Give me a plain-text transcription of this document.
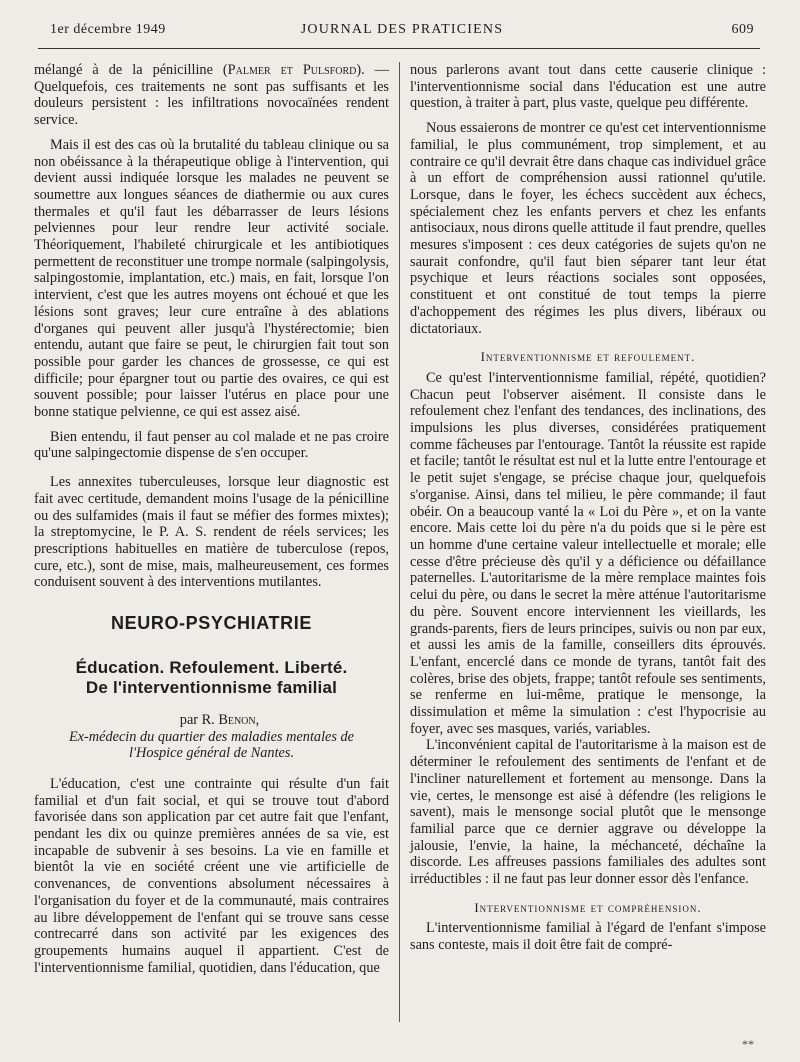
1er décembre 1949	JOURNAL DES PRATICIENS	609

mélangé à de la pénicilline (Palmer et Pulsford). — Quelquefois, ces traitements ne sont pas suffisants et les douleurs persistent : les infiltrations novocaïnées rendent service.

Mais il est des cas où la brutalité du tableau clinique ou sa non obéissance à la thérapeutique oblige à l'intervention, qui devient aussi indiquée lorsque les malades ne peuvent se soumettre aux longues séances de diathermie ou aux cures thermales et qu'il faut les débarrasser de leurs lésions pelviennes pour leur rendre leur activité sociale. Théoriquement, l'habileté chirurgicale et les antibiotiques permettent de reconstituer une trompe normale (salpingolysis, salpingostomie, implantation, etc.) mais, en fait, lorsque l'on intervient, c'est que les autres moyens ont échoué et que les lésions sont graves; leur cure entraîne à des ablations d'organes qui peuvent aller jusqu'à l'hystérectomie; bien entendu, autant que faire se peut, le chirurgien fait tout son possible pour garder les chances de grossesse, ce qui est difficile; pour épargner tout ou partie des ovaires, ce qui est souvent possible; pour laisser l'utérus en place pour une bonne statique pelvienne, ce qui est assez aisé.

Bien entendu, il faut penser au col malade et ne pas croire qu'une salpingectomie dispense de s'en occuper.

Les annexites tuberculeuses, lorsque leur diagnostic est fait avec certitude, demandent moins l'usage de la pénicilline ou des sulfamides (mais il faut se méfier des formes mixtes); la streptomycine, le P. A. S. rendent de réels services; les prescriptions habituelles en matière de tuberculose (repos, cure, etc.), sont de mise, mais, malheureusement, ces formes conduisent souvent à des interventions mutilantes.

NEURO-PSYCHIATRIE
Éducation. Refoulement. Liberté.
De l'interventionnisme familial

par R. Benon,

Ex-médecin du quartier des maladies mentales de
l'Hospice général de Nantes.

L'éducation, c'est une contrainte qui résulte d'un fait familial et d'un fait social, et qui se trouve tout d'abord favorisée dans son application par cet autre fait que l'enfant, pendant les dix ou quinze premières années de sa vie, est incapable de subvenir à ses besoins. La vie en famille et bientôt la vie en société créent une vie artificielle de convenances, de conventions absolument nécessaires à l'organisation du foyer et de la communauté, mais contraires au libre développement de l'enfant qui se trouve sans cesse contrecarré dans son activité par les exigences des groupements humains auquel il appartient. C'est de l'interventionnisme familial, quotidien, dans l'éducation, que

nous parlerons avant tout dans cette causerie clinique : l'interventionnisme social dans l'éducation est une autre question, à traiter à part, plus vaste, quelque peu différente.

Nous essaierons de montrer ce qu'est cet interventionnisme familial, le plus communément, trop simplement, et au contraire ce qu'il devrait être dans chaque cas individuel grâce à un effort de compréhension aussi rationnel qu'utile. Lorsque, dans le foyer, les échecs succèdent aux échecs, spécialement chez les enfants pervers et chez les enfants antisociaux, nous dirons quelle attitude il faut prendre, quelles mesures s'imposent : ces deux catégories de sujets qu'on ne saurait confondre, qu'il faut bien séparer tant leur état psychique et leurs réactions sociales sont opposées, constituent et ont constitué de tout temps la pierre d'achoppement des régimes les plus divers, libéraux ou dictatoriaux.

Interventionnisme et refoulement.

Ce qu'est l'interventionnisme familial, répété, quotidien? Chacun peut l'observer aisément. Il consiste dans le refoulement chez l'enfant des tendances, des inclinations, des impulsions les plus diverses, considérées pratiquement comme fâcheuses par l'entourage. Tantôt la réussite est rapide et facile; tantôt le résultat est nul et la lutte entre l'entourage et le petit sujet s'engage, se précise chaque jour, quelquefois s'organise. Ainsi, dans tel milieu, le père commande; il faut obéir. On a beaucoup vanté la « Loi du Père », et on la vante encore. Mais cette loi du père n'a du poids que si le père est un homme d'une certaine valeur intellectuelle et morale; elle cesse d'être précieuse dès qu'il y a déficience ou défaillance paternelles. L'autoritarisme de la mère remplace maintes fois celui du père, ou dans le secret la mère atténue l'autoritarisme du père. Souvent encore interviennent les vieillards, les grands-parents, fiers de leurs principes, suivis ou non par eux, et aussi les amis de la famille, conseillers dits éprouvés. L'enfant, encerclé dans ce monde de tyrans, tantôt fait des colères, brise des objets, frappe; tantôt refoule ses sentiments, se renferme en lui-même, pratique le mensonge, la dissimulation et même la simulation : c'est l'hypocrisie au foyer, avec ses masques, variés, variables.

L'inconvénient capital de l'autoritarisme à la maison est de déterminer le refoulement des sentiments de l'enfant et de l'incliner naturellement et fortement au mensonge. Dans la vie, certes, le mensonge est aisé à défendre (les religions le savent), mais le mensonge social plutôt que le mensonge familial parce que ce dernier aggrave ou développe la jalousie, l'envie, la haine, la méchanceté, déchaîne la discorde. Les affreuses passions familiales des adultes sont irréductibles : il ne faut pas leur donner essor dès l'enfance.

Interventionnisme et compréhension.

L'interventionnisme familial à l'égard de l'enfant s'impose sans conteste, mais il doit être fait de compré-

**
